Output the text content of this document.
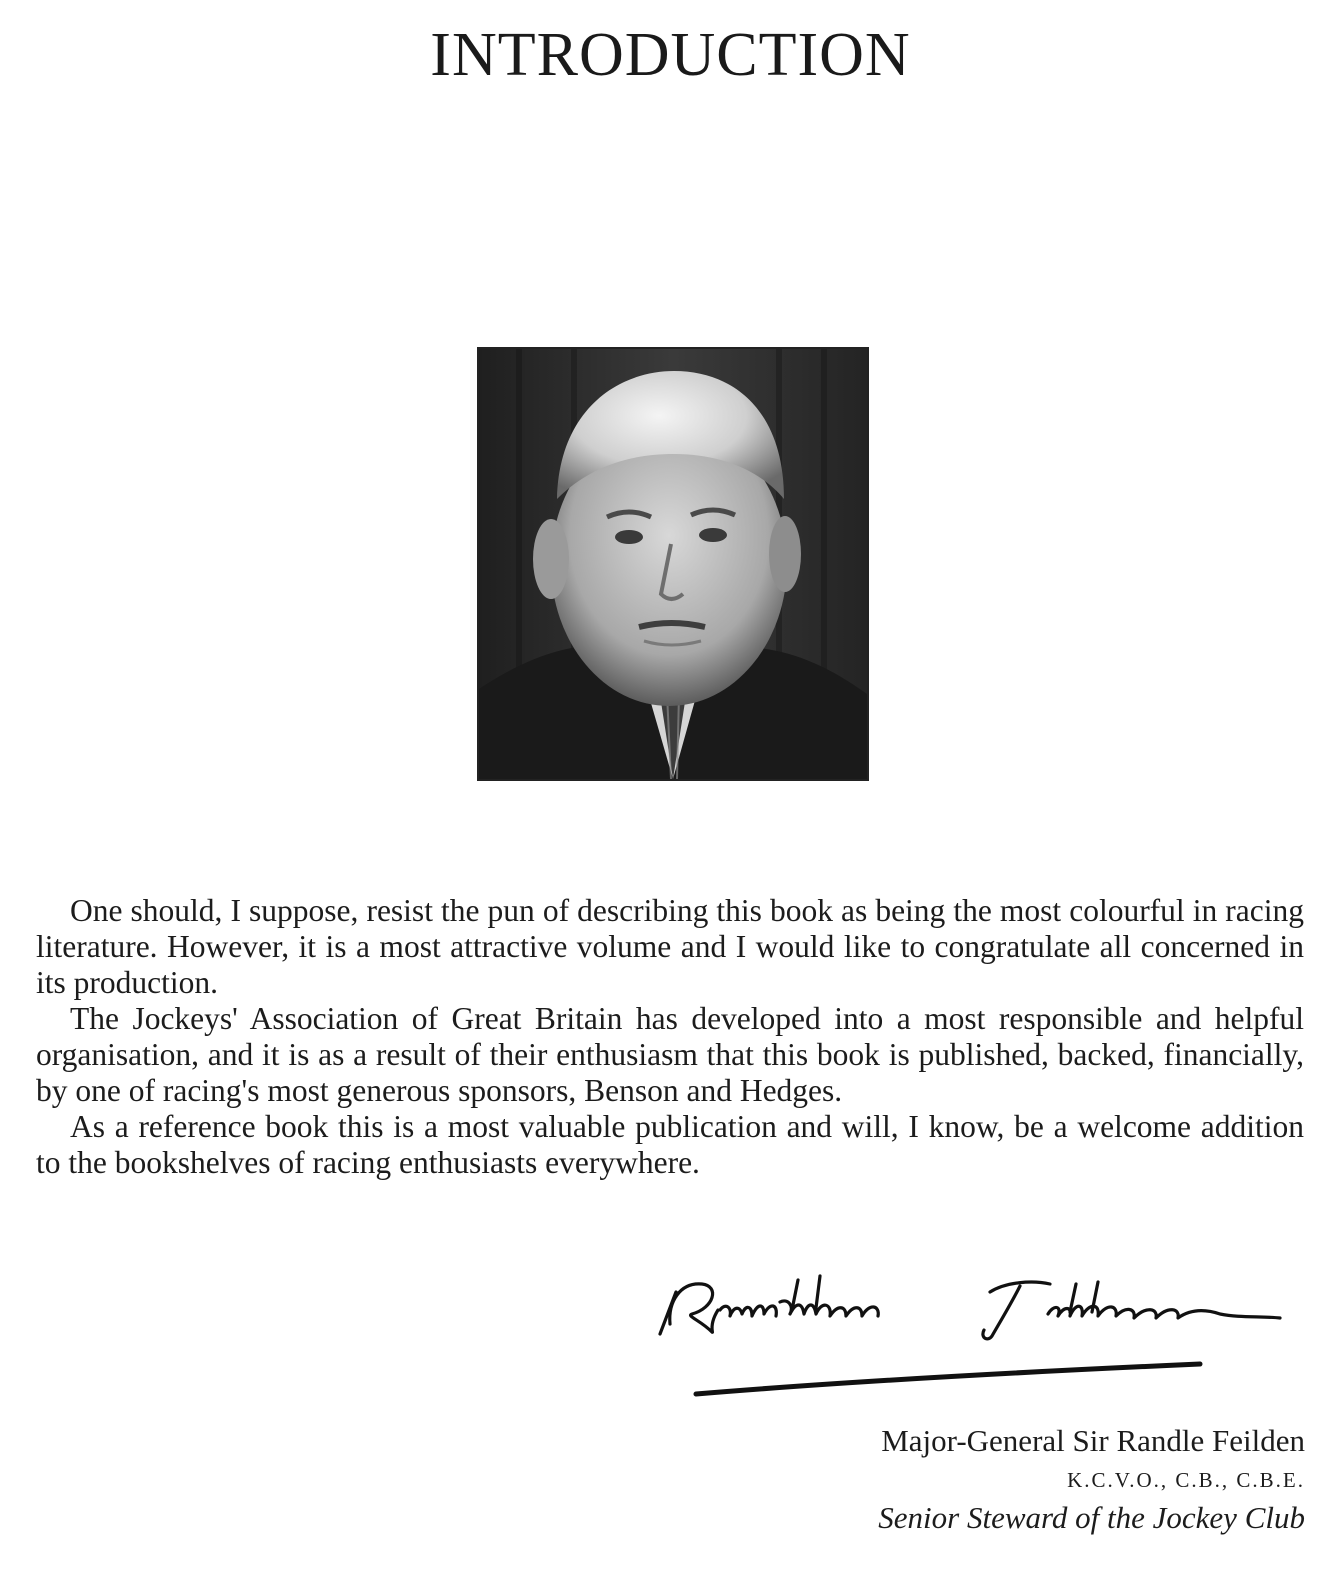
INTRODUCTION

One should, I suppose, resist the pun of describing this book as being the most colourful in racing literature. However, it is a most attractive volume and I would like to congratulate all concerned in its production.

The Jockeys' Association of Great Britain has developed into a most responsible and helpful organisation, and it is as a result of their enthusiasm that this book is published, backed, financially, by one of racing's most generous sponsors, Benson and Hedges.

As a reference book this is a most valuable publication and will, I know, be a welcome addition to the bookshelves of racing enthusiasts everywhere.

Major-General Sir Randle Feilden
K.C.V.O., C.B., C.B.E.
Senior Steward of the Jockey Club
